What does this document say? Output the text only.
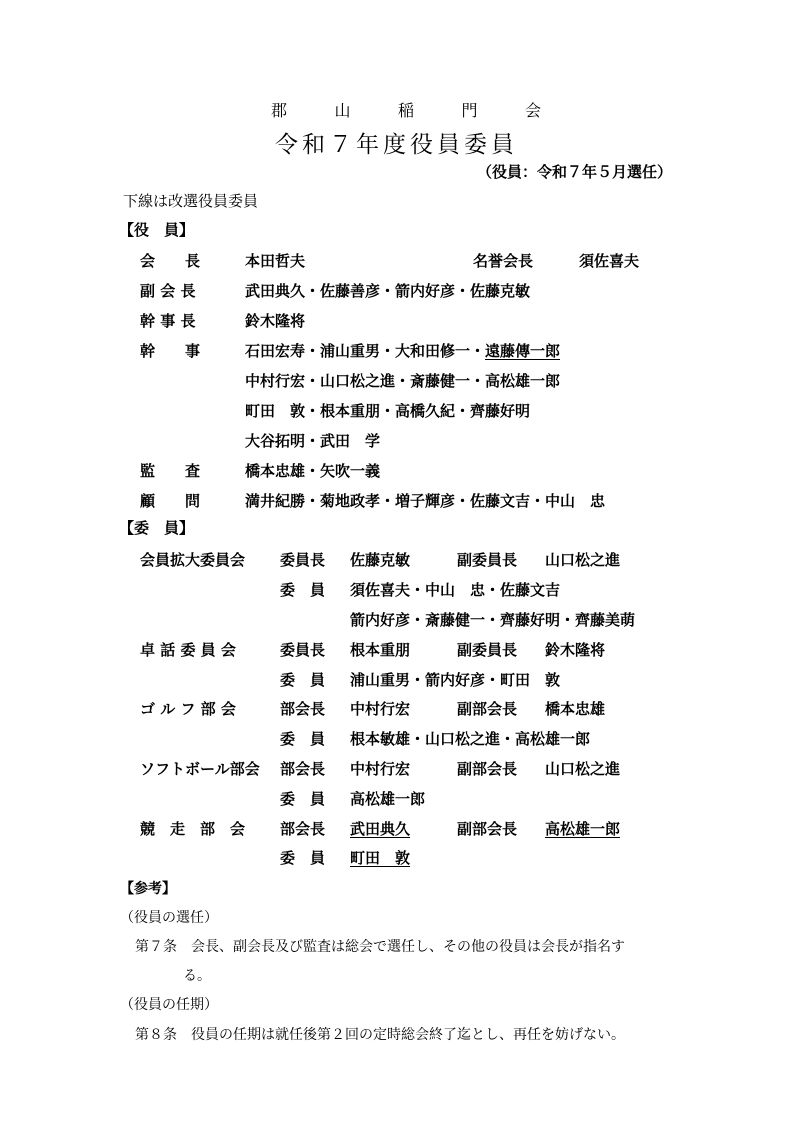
郡	山	稲	門	会
令和７年度役員委員
（役員：令和７年５月選任）
下線は改選役員委員
【役　員】
会　　長	本田哲夫	名誉会長	須佐喜夫
副 会 長	武田典久・佐藤善彦・箭内好彦・佐藤克敏
幹 事 長	鈴木隆将
幹　　事	石田宏寿・浦山重男・大和田修一・遠藤傳一郎
中村行宏・山口松之進・斎藤健一・高松雄一郎
町田　敦・根本重朋・高橋久紀・齊藤好明
大谷拓明・武田　学
監　　査	橋本忠雄・矢吹一義
顧　　問	満井紀勝・菊地政孝・増子輝彦・佐藤文吉・中山　忠
【委　員】
会員拡大委員会 委員長 佐藤克敏	副委員長 山口松之進
委　員 須佐喜夫・中山　忠・佐藤文吉
箭内好彦・斎藤健一・齊藤好明・齊藤美萌
卓 話 委 員 会	委員長 根本重朋	副委員長 鈴木隆将
委　員 浦山重男・箭内好彦・町田　敦
ゴ ル フ 部 会	部会長 中村行宏	副部会長 橋本忠雄
委　員 根本敏雄・山口松之進・高松雄一郎
ソフトボール部会 部会長 中村行宏	副部会長 山口松之進
委　員 高松雄一郎
競　走　部　会 部会長 武田典久	副部会長 高松雄一郎
委　員 町田　敦
【参考】
（役員の選任）
第７条　会長、副会長及び監査は総会で選任し、その他の役員は会長が指名す
る。
（役員の任期）
第８条　役員の任期は就任後第２回の定時総会終了迄とし、再任を妨げない。
